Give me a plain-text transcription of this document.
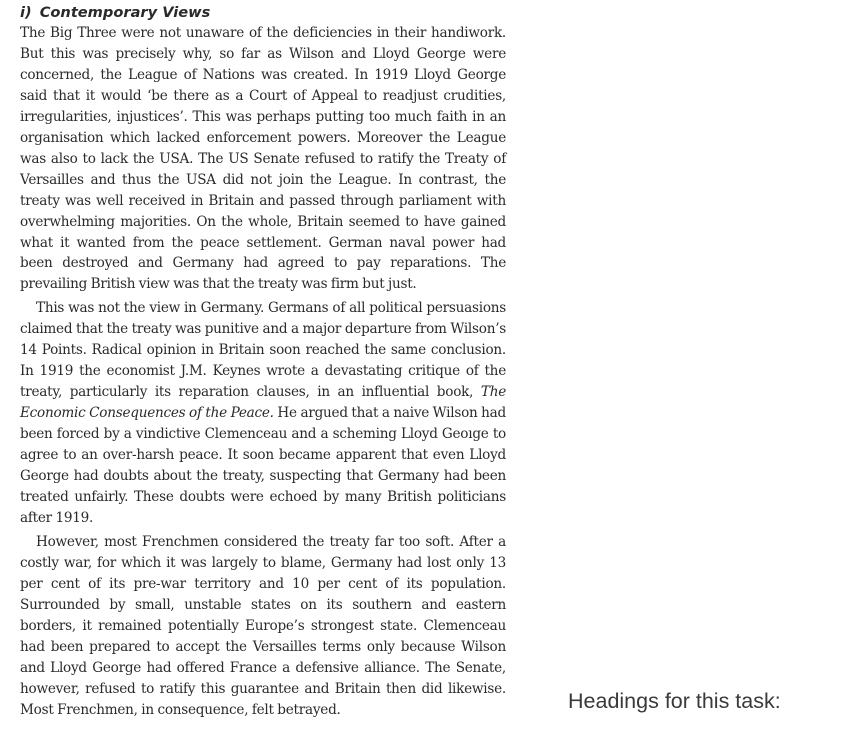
i) Contemporary Views

The Big Three were not unaware of the deficiencies in their handiwork. But this was precisely why, so far as Wilson and Lloyd George were concerned, the League of Nations was created. In 1919 Lloyd George said that it would ‘be there as a Court of Appeal to readjust crudities, irregularities, injustices’. This was perhaps putting too much faith in an organisation which lacked enforcement powers. Moreover the League was also to lack the USA. The US Senate refused to ratify the Treaty of Versailles and thus the USA did not join the League. In contrast, the treaty was well received in Britain and passed through parliament with overwhelming majorities. On the whole, Britain seemed to have gained what it wanted from the peace settlement. German naval power had been destroyed and Germany had agreed to pay reparations. The prevailing British view was that the treaty was firm but just.

This was not the view in Germany. Germans of all political persuasions claimed that the treaty was punitive and a major departure from Wilson’s 14 Points. Radical opinion in Britain soon reached the same conclusion. In 1919 the economist J.M. Keynes wrote a devastating critique of the treaty, particularly its reparation clauses, in an influential book, The Economic Consequences of the Peace. He argued that a naive Wilson had been forced by a vindictive Clemenceau and a scheming Lloyd Geoıge to agree to an over-harsh peace. It soon became apparent that even Lloyd George had doubts about the treaty, suspecting that Germany had been treated unfairly. These doubts were echoed by many British politicians after 1919.

However, most Frenchmen considered the treaty far too soft. After a costly war, for which it was largely to blame, Germany had lost only 13 per cent of its pre-war territory and 10 per cent of its population. Surrounded by small, unstable states on its southern and eastern borders, it remained potentially Europe’s strongest state. Clemenceau had been prepared to accept the Versailles terms only because Wilson and Lloyd George had offered France a defensive alliance. The Senate, however, refused to ratify this guarantee and Britain then did likewise. Most Frenchmen, in consequence, felt betrayed.	Headings for this task:
